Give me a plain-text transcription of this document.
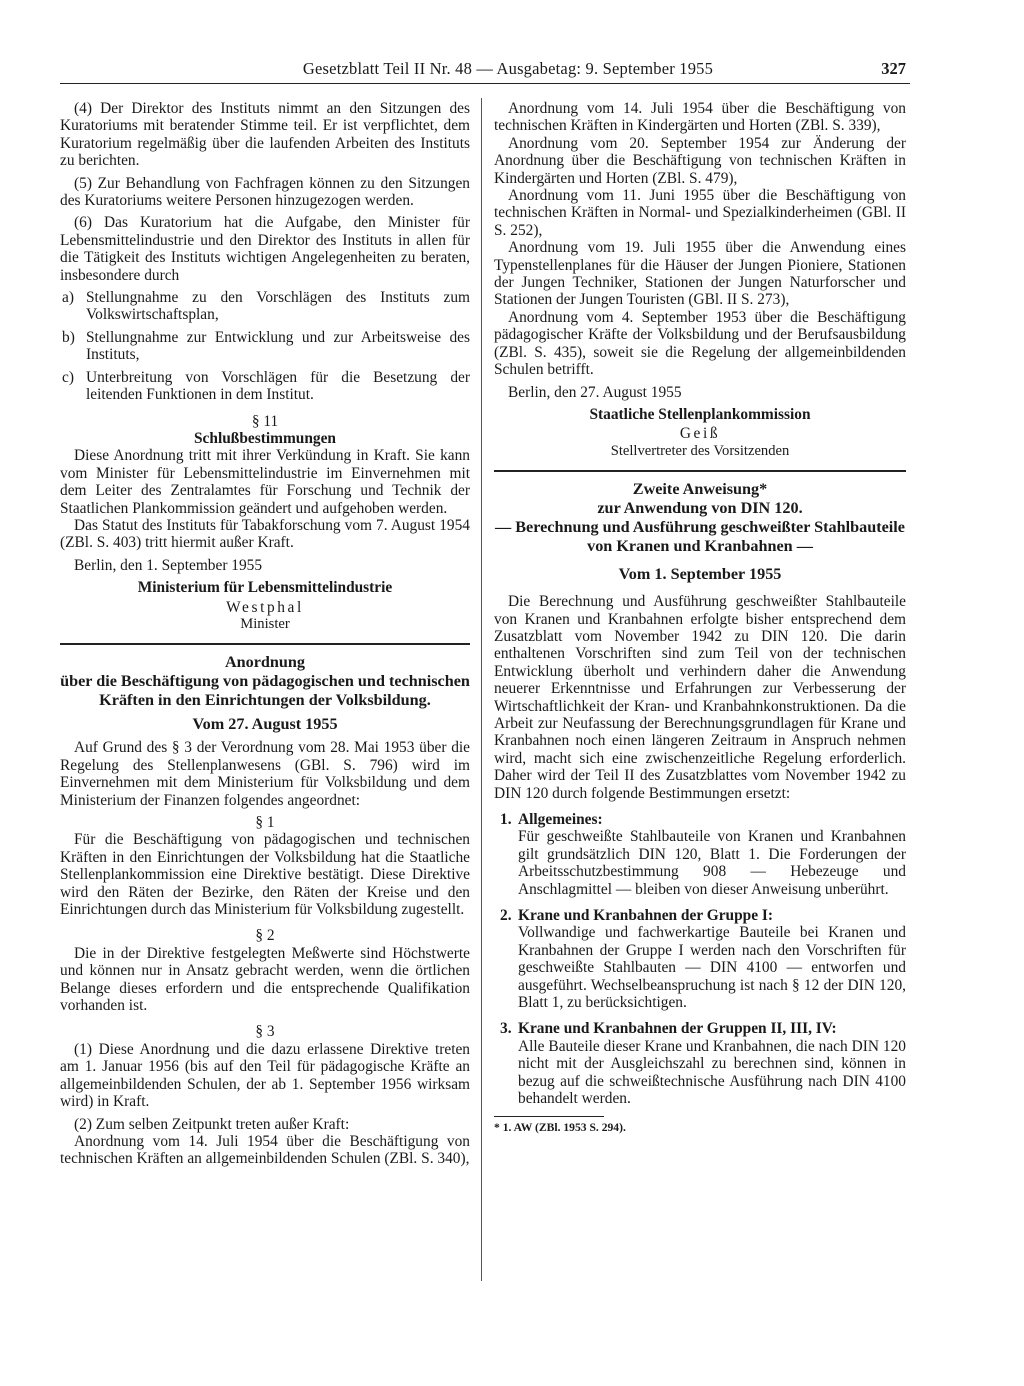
Gesetzblatt Teil II Nr. 48 — Ausgabetag: 9. September 1955	327

(4) Der Direktor des Instituts nimmt an den Sitzungen des Kuratoriums mit beratender Stimme teil. Er ist verpflichtet, dem Kuratorium regelmäßig über die laufenden Arbeiten des Instituts zu berichten.

(5) Zur Behandlung von Fachfragen können zu den Sitzungen des Kuratoriums weitere Personen hinzugezogen werden.

(6) Das Kuratorium hat die Aufgabe, den Minister für Lebensmittelindustrie und den Direktor des Instituts in allen für die Tätigkeit des Instituts wichtigen Angelegenheiten zu beraten, insbesondere durch

a) Stellungnahme zu den Vorschlägen des Instituts zum Volkswirtschaftsplan,
b) Stellungnahme zur Entwicklung und zur Arbeitsweise des Instituts,
c) Unterbreitung von Vorschlägen für die Besetzung der leitenden Funktionen in dem Institut.

§ 11

Schlußbestimmungen

Diese Anordnung tritt mit ihrer Verkündung in Kraft. Sie kann vom Minister für Lebensmittelindustrie im Einvernehmen mit dem Leiter des Zentralamtes für Forschung und Technik der Staatlichen Plankommission geändert und aufgehoben werden.

Das Statut des Instituts für Tabakforschung vom 7. August 1954 (ZBl. S. 403) tritt hiermit außer Kraft.

Berlin, den 1. September 1955

Ministerium für Lebensmittelindustrie

Westphal

Minister

Anordnung

über die Beschäftigung von pädagogischen und technischen Kräften in den Einrichtungen der Volksbildung.

Vom 27. August 1955

Auf Grund des § 3 der Verordnung vom 28. Mai 1953 über die Regelung des Stellenplanwesens (GBl. S. 796) wird im Einvernehmen mit dem Ministerium für Volksbildung und dem Ministerium der Finanzen folgendes angeordnet:

§ 1

Für die Beschäftigung von pädagogischen und technischen Kräften in den Einrichtungen der Volksbildung hat die Staatliche Stellenplankommission eine Direktive bestätigt. Diese Direktive wird den Räten der Bezirke, den Räten der Kreise und den Einrichtungen durch das Ministerium für Volksbildung zugestellt.

§ 2

Die in der Direktive festgelegten Meßwerte sind Höchstwerte und können nur in Ansatz gebracht werden, wenn die örtlichen Belange dieses erfordern und die entsprechende Qualifikation vorhanden ist.

§ 3

(1) Diese Anordnung und die dazu erlassene Direktive treten am 1. Januar 1956 (bis auf den Teil für pädagogische Kräfte an allgemeinbildenden Schulen, der ab 1. September 1956 wirksam wird) in Kraft.

(2) Zum selben Zeitpunkt treten außer Kraft:

Anordnung vom 14. Juli 1954 über die Beschäftigung von technischen Kräften an allgemeinbildenden Schulen (ZBl. S. 340),

Anordnung vom 14. Juli 1954 über die Beschäftigung von technischen Kräften in Kindergärten und Horten (ZBl. S. 339),

Anordnung vom 20. September 1954 zur Änderung der Anordnung über die Beschäftigung von technischen Kräften in Kindergärten und Horten (ZBl. S. 479),

Anordnung vom 11. Juni 1955 über die Beschäftigung von technischen Kräften in Normal- und Spezialkinderheimen (GBl. II S. 252),

Anordnung vom 19. Juli 1955 über die Anwendung eines Typenstellenplanes für die Häuser der Jungen Pioniere, Stationen der Jungen Techniker, Stationen der Jungen Naturforscher und Stationen der Jungen Touristen (GBl. II S. 273),

Anordnung vom 4. September 1953 über die Beschäftigung pädagogischer Kräfte der Volksbildung und der Berufsausbildung (ZBl. S. 435), soweit sie die Regelung der allgemeinbildenden Schulen betrifft.

Berlin, den 27. August 1955

Staatliche Stellenplankommission

Geiß

Stellvertreter des Vorsitzenden

Zweite Anweisung*

zur Anwendung von DIN 120.

— Berechnung und Ausführung geschweißter Stahlbauteile von Kranen und Kranbahnen —

Vom 1. September 1955

Die Berechnung und Ausführung geschweißter Stahlbauteile von Kranen und Kranbahnen erfolgte bisher entsprechend dem Zusatzblatt vom November 1942 zu DIN 120. Die darin enthaltenen Vorschriften sind zum Teil von der technischen Entwicklung überholt und verhindern daher die Anwendung neuerer Erkenntnisse und Erfahrungen zur Verbesserung der Wirtschaftlichkeit der Kran- und Kranbahnkonstruktionen. Da die Arbeit zur Neufassung der Berechnungsgrundlagen für Krane und Kranbahnen noch einen längeren Zeitraum in Anspruch nehmen wird, macht sich eine zwischenzeitliche Regelung erforderlich. Daher wird der Teil II des Zusatzblattes vom November 1942 zu DIN 120 durch folgende Bestimmungen ersetzt:

1. Allgemeines:

Für geschweißte Stahlbauteile von Kranen und Kranbahnen gilt grundsätzlich DIN 120, Blatt 1. Die Forderungen der Arbeitsschutzbestimmung 908 — Hebezeuge und Anschlagmittel — bleiben von dieser Anweisung unberührt.

2. Krane und Kranbahnen der Gruppe I:

Vollwandige und fachwerkartige Bauteile bei Kranen und Kranbahnen der Gruppe I werden nach den Vorschriften für geschweißte Stahlbauten — DIN 4100 — entworfen und ausgeführt. Wechselbeanspruchung ist nach § 12 der DIN 120, Blatt 1, zu berücksichtigen.

3. Krane und Kranbahnen der Gruppen II, III, IV:

Alle Bauteile dieser Krane und Kranbahnen, die nach DIN 120 nicht mit der Ausgleichszahl zu berechnen sind, können in bezug auf die schweißtechnische Ausführung nach DIN 4100 behandelt werden.

* 1. AW (ZBl. 1953 S. 294).
